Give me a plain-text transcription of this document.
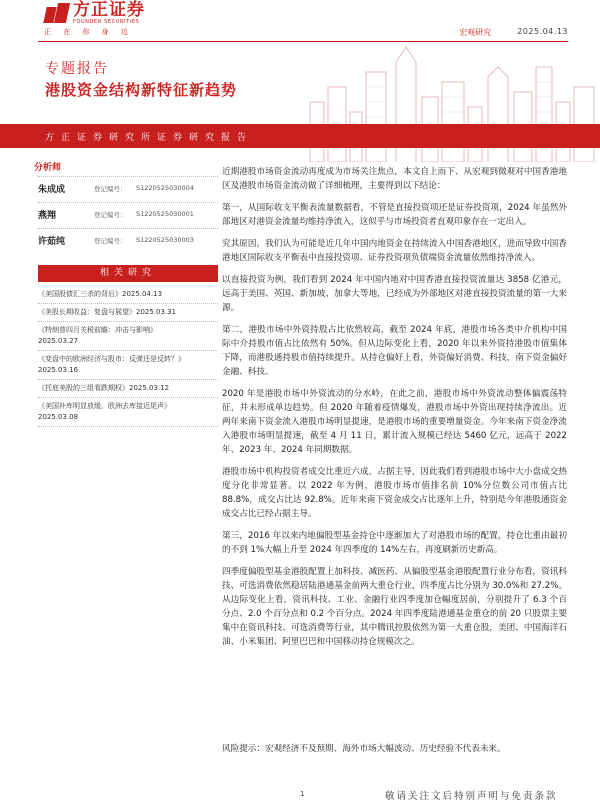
方正证券
FOUNDER SECURITIES
正 在 你 身 边	宏观研究	2025.04.13
专题报告
港股资金结构新特征新趋势
方正证券研究所证券研究报告
分析师
朱成成	登记编号：	S1220525030004
燕翔	登记编号：	S1220525030001
许茹纯	登记编号：	S1220525030003
相关研究
《美国股债汇三杀的背后》2025.04.13
《美股长期收益：复盘与展望》2025.03.31
《特朗普四月关税前瞻：冲击与影响》
2025.03.27
《变盘中的欧洲经济与股市：反弹还是反转？》
2025.03.16
《托底美股的三组看跌期权》2025.03.12
《美国补库明显放缓，欧洲去库接近尾声》
2025.03.08

近期港股市场资金流动再度成为市场关注焦点，本文自上而下、从宏观到微观对中国香港地区及港股市场资金流动做了详细梳理，主要得到以下结论：

第一，从国际收支平衡表流量数据看，不管是直接投资项还是证券投资项，2024 年虽然外部地区对港资金流量均维持净流入，这似乎与市场投资者直观印象存在一定出入。

究其原因，我们认为可能是近几年中国内地资金在持续流入中国香港地区，进而导致中国香港地区国际收支平衡表中直接投资项、证券投资项负债端资金流量依然维持净流入。

以直接投资为例，我们看到 2024 年中国内地对中国香港直接投资流量达 3858 亿港元，远高于美国、英国、新加坡、加拿大等地，已经成为外部地区对港直接投资流量的第一大来源。

第二，港股市场中外资持股占比依然较高，截至 2024 年底，港股市场各类中介机构中国际中介持股市值占比依然有 50%。但从边际变化上看，2020 年以来外资持港股市值集体下降，而港股通持股市值持续提升。从持仓偏好上看，外资偏好消费、科技，南下资金偏好金融、科技。

2020 年是港股市场中外资流动的分水岭，在此之前，港股市场中外资流动整体偏震荡特征，并未形成单边趋势。但 2020 年随着疫情爆发，港股市场中外资出现持续净流出。近两年来南下资金流入港股市场明显提速，是港股市场的重要增量资金。今年来南下资金净流入港股市场明显提速，截至 4 月 11 日，累计流入规模已经达 5460 亿元，远高于 2022 年、2023 年、2024 年同期数据。

港股市场中机构投资者成交比重近六成，占据主导，因此我们看到港股市场中大小盘成交热度分化非常显著。以 2022 年为例，港股市场市值排名前 10%分位数公司市值占比 88.8%，成交占比达 92.8%。近年来南下资金成交占比逐年上升，特别是今年港股通资金成交占比已经占据主导。

第三，2016 年以来内地偏股型基金持仓中逐渐加大了对港股市场的配置，持仓比重由最初的不到 1%大幅上升至 2024 年四季度的 14%左右，再度刷新历史新高。

四季度偏股型基金港股配置上加科技、减医药。从偏股型基金港股配置行业分布看，资讯科技、可选消费依然稳居陆港通基金前两大重仓行业，四季度占比分别为 30.0%和 27.2%。从边际变化上看，资讯科技、工业、金融行业四季度加仓幅度居前，分别提升了 6.3 个百分点、2.0 个百分点和 0.2 个百分点。2024 年四季度陆港通基金重仓的前 20 只股票主要集中在资讯科技、可选消费等行业，其中腾讯控股依然为第一大重仓股，美团、中国海洋石油、小米集团、阿里巴巴和中国移动持仓规模次之。

风险提示：宏观经济不及预期、海外市场大幅波动、历史经验不代表未来。
1	敬请关注文后特别声明与免责条款
